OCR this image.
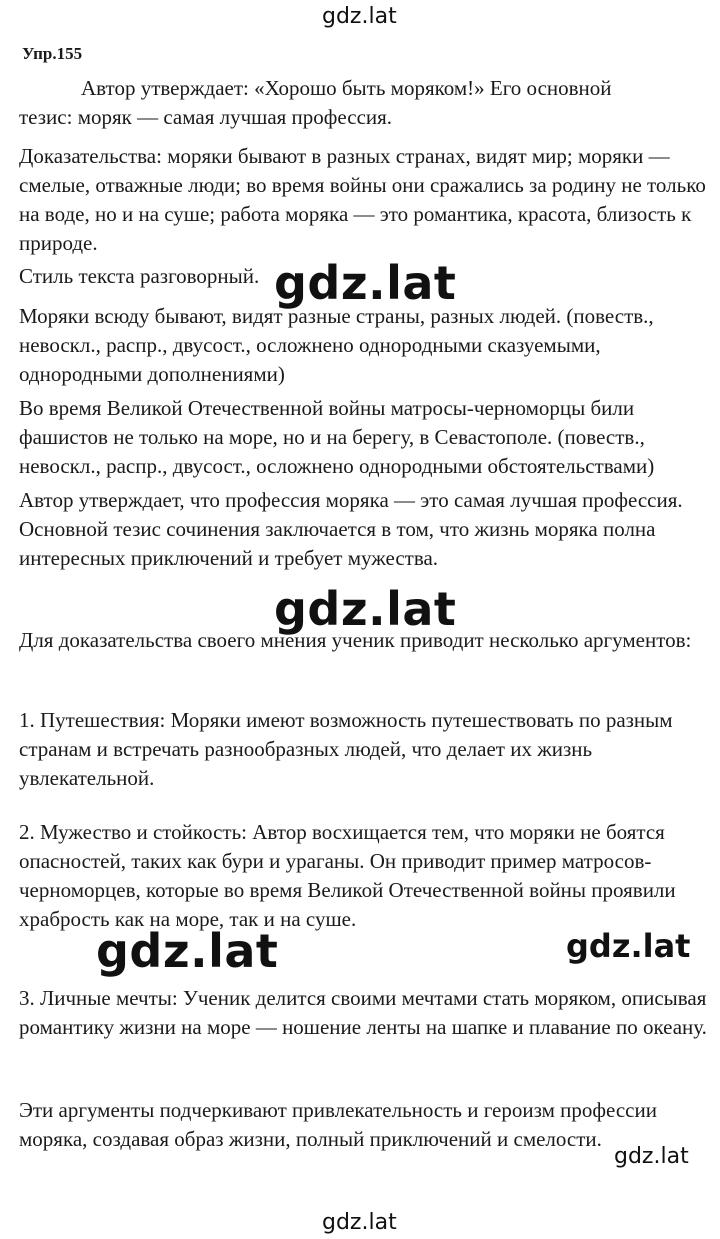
gdz.lat
Упр.155

Автор утверждает: «Хорошо быть моряком!» Его основной тезис: моряк — самая лучшая профессия.

Доказательства: моряки бывают в разных странах, видят мир; моряки — смелые, отважные люди; во время войны они сражались за родину не только на воде, но и на суше; работа моряка — это романтика, красота, близость к природе.

Стиль текста разговорный.

Моряки всюду бывают, видят разные страны, разных людей. (повеств., невоскл., распр., двусост., осложнено однородными сказуемыми, однородными дополнениями)

Во время Великой Отечественной войны матросы-черноморцы били фашистов не только на море, но и на берегу, в Севастополе. (повеств., невоскл., распр., двусост., осложнено однородными обстоятельствами)

Автор утверждает, что профессия моряка — это самая лучшая профессия. Основной тезис сочинения заключается в том, что жизнь моряка полна интересных приключений и требует мужества.

Для доказательства своего мнения ученик приводит несколько аргументов:

1. Путешествия: Моряки имеют возможность путешествовать по разным странам и встречать разнообразных людей, что делает их жизнь увлекательной.

2. Мужество и стойкость: Автор восхищается тем, что моряки не боятся опасностей, таких как бури и ураганы. Он приводит пример матросов-черноморцев, которые во время Великой Отечественной войны проявили храбрость как на море, так и на суше.

3. Личные мечты: Ученик делится своими мечтами стать моряком, описывая романтику жизни на море — ношение ленты на шапке и плавание по океану.

Эти аргументы подчеркивают привлекательность и героизм профессии моряка, создавая образ жизни, полный приключений и смелости.

gdz.lat
gdz.lat
gdz.lat	gdz.lat
gdz.lat
gdz.lat
